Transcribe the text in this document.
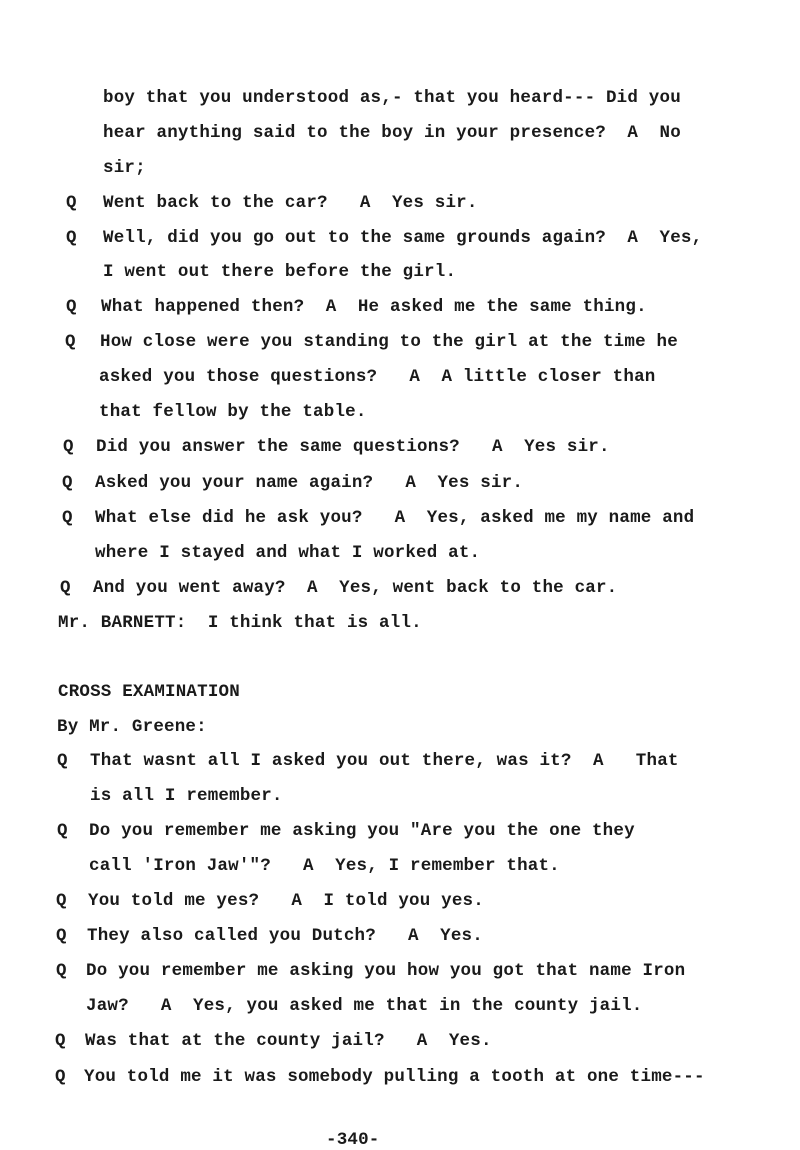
boy that you understood as,- that you heard--- Did you
hear anything said to the boy in your presence?  A  No
sir;
Q Went back to the car?   A  Yes sir.
Q Well, did you go out to the same grounds again?  A  Yes,
I went out there before the girl.
Q What happened then?  A  He asked me the same thing.
Q How close were you standing to the girl at the time he
asked you those questions?   A  A little closer than
that fellow by the table.
Q Did you answer the same questions?   A  Yes sir.
Q Asked you your name again?   A  Yes sir.
Q What else did he ask you?   A  Yes, asked me my name and
where I stayed and what I worked at.
Q And you went away?  A  Yes, went back to the car.
Mr. BARNETT:  I think that is all.
CROSS EXAMINATION
By Mr. Greene:
Q That wasnt all I asked you out there, was it?  A   That
is all I remember.
Q Do you remember me asking you "Are you the one they
call 'Iron Jaw'"?   A  Yes, I remember that.
Q You told me yes?   A  I told you yes.
Q They also called you Dutch?   A  Yes.
Q Do you remember me asking you how you got that name Iron
Jaw?   A  Yes, you asked me that in the county jail.
Q Was that at the county jail?   A  Yes.
Q You told me it was somebody pulling a tooth at one time---
-340-
